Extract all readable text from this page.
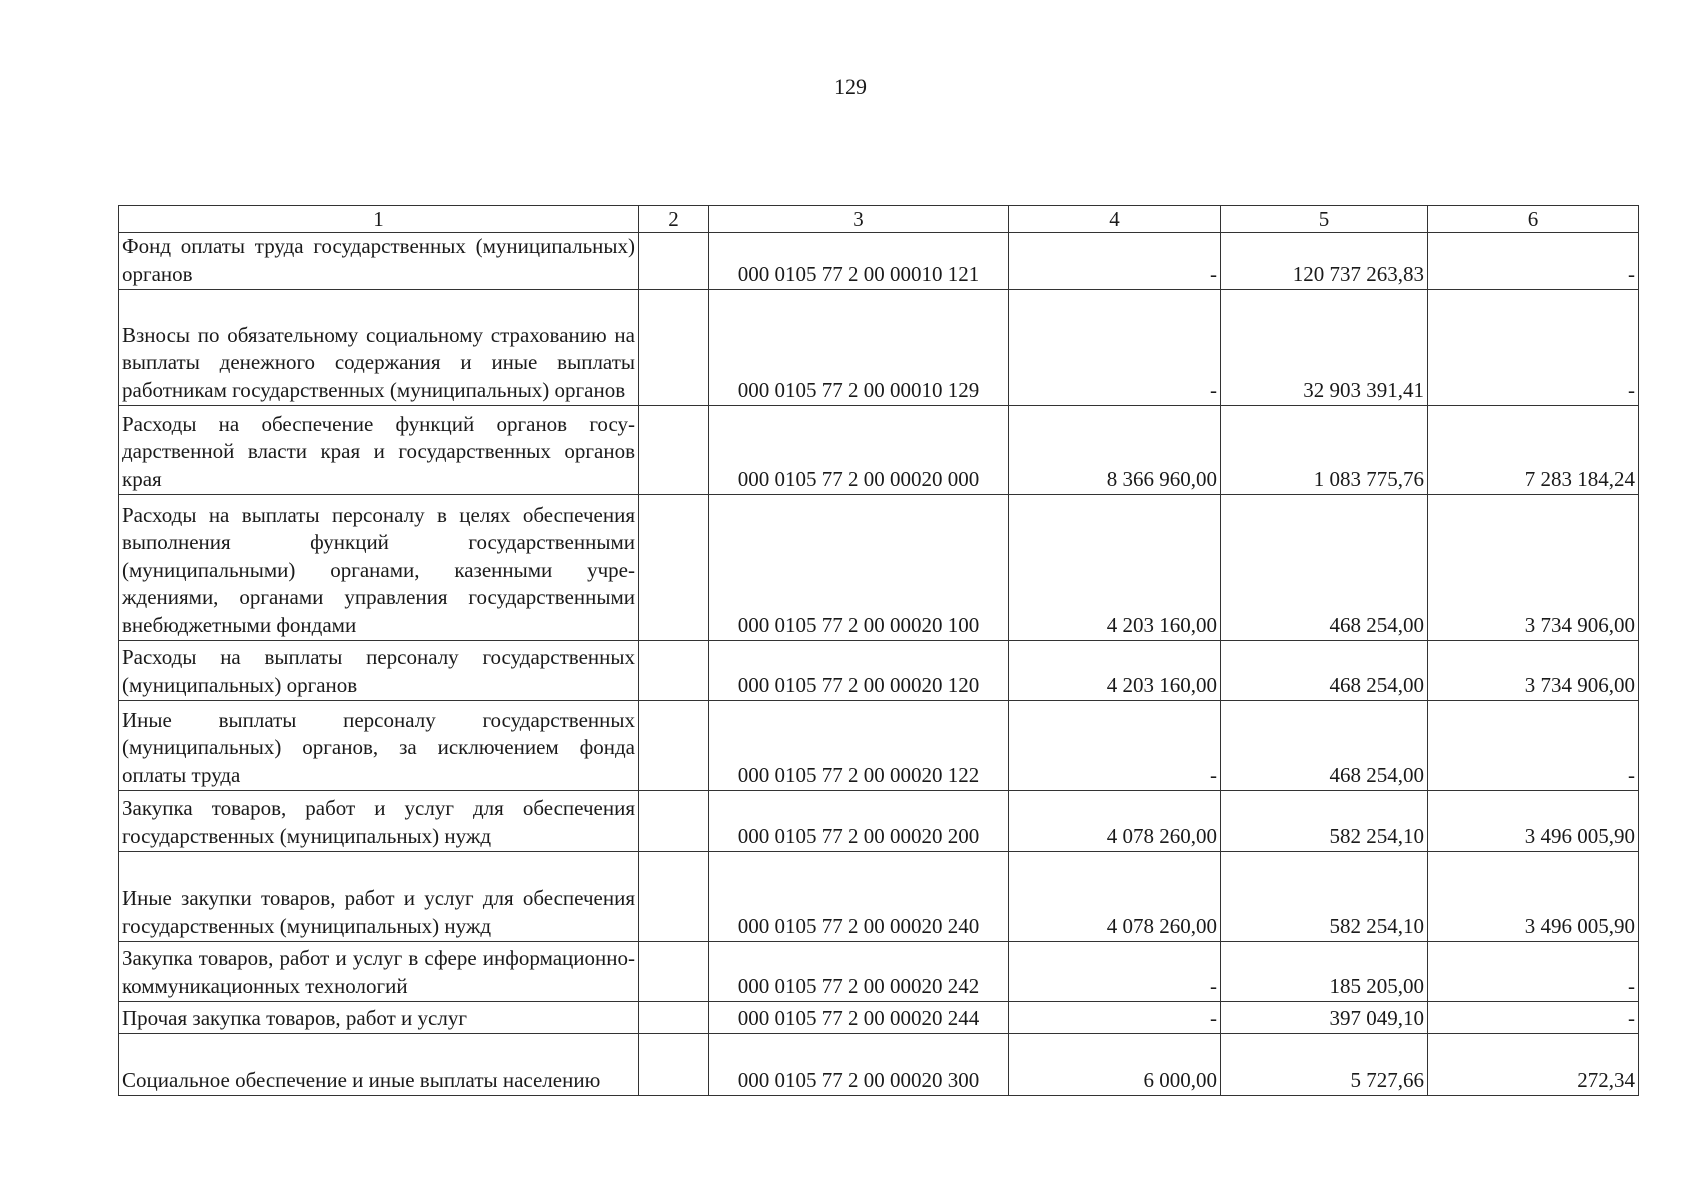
129
1	2	3	4	5	6
Фонд оплаты труда государственных (муниципальных) органов		000 0105 77 2 00 00010 121	-	120 737 263,83	-
Взносы по обязательному социальному страхованию на выплаты денежного содержания и иные выплаты работникам государственных (муниципальных) органов		000 0105 77 2 00 00010 129	-	32 903 391,41	-
Расходы на обеспечение функций органов государственной власти края и государственных органов края		000 0105 77 2 00 00020 000	8 366 960,00	1 083 775,76	7 283 184,24
Расходы на выплаты персоналу в целях обеспечения выполнения функций государственными (муниципальными) органами, казенными учреждениями, органами управления государственными внебюджетными фондами		000 0105 77 2 00 00020 100	4 203 160,00	468 254,00	3 734 906,00
Расходы на выплаты персоналу государственных (муниципальных) органов		000 0105 77 2 00 00020 120	4 203 160,00	468 254,00	3 734 906,00
Иные выплаты персоналу государственных (муниципальных) органов, за исключением фонда оплаты труда		000 0105 77 2 00 00020 122	-	468 254,00	-
Закупка товаров, работ и услуг для обеспечения государственных (муниципальных) нужд		000 0105 77 2 00 00020 200	4 078 260,00	582 254,10	3 496 005,90
Иные закупки товаров, работ и услуг для обеспечения государственных (муниципальных) нужд		000 0105 77 2 00 00020 240	4 078 260,00	582 254,10	3 496 005,90
Закупка товаров, работ и услуг в сфере информационно-коммуникационных технологий		000 0105 77 2 00 00020 242	-	185 205,00	-
Прочая закупка товаров, работ и услуг		000 0105 77 2 00 00020 244	-	397 049,10	-
Социальное обеспечение и иные выплаты населению		000 0105 77 2 00 00020 300	6 000,00	5 727,66	272,34
